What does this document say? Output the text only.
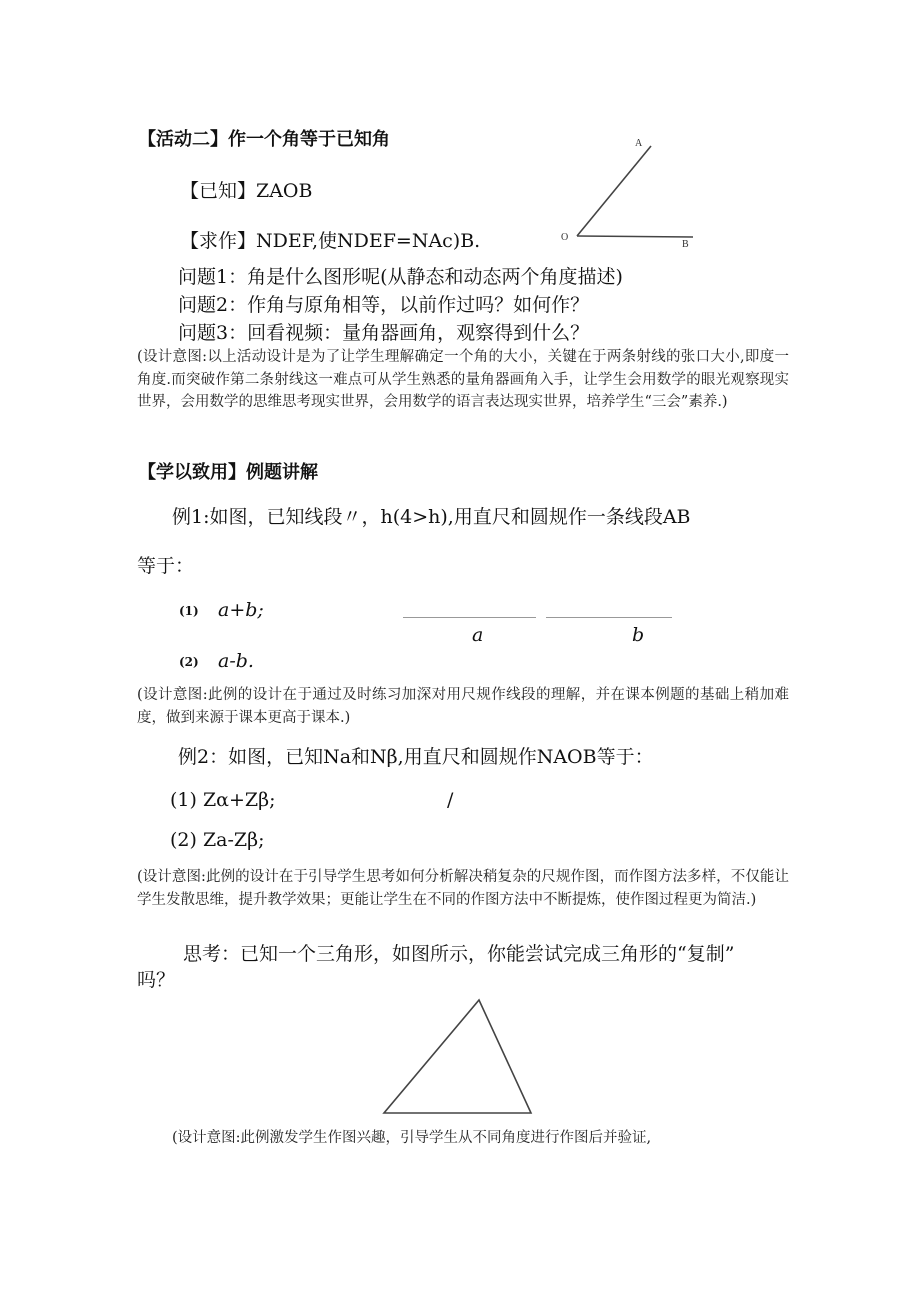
【活动二】作一个角等于已知角
【已知】ZAOB
【求作】NDEF,使NDEF=NAc)B.
A
O
B
问题1：角是什么图形呢(从静态和动态两个角度描述)
问题2：作角与原角相等，以前作过吗？如何作？
问题3：回看视频：量角器画角，观察得到什么？
(设计意图:以上活动设计是为了让学生理解确定一个角的大小，关键在于两条射线的张口大小,即度一角度.而突破作第二条射线这一难点可从学生熟悉的量角器画角入手，让学生会用数学的眼光观察现实世界，会用数学的思维思考现实世界，会用数学的语言表达现实世界，培养学生“三会”素养.)
【学以致用】例题讲解
例1:如图，已知线段〃，h(4>h),用直尺和圆规作一条线段AB
等于：
(1) a+b;
a	b
(2) a-b.
(设计意图:此例的设计在于通过及时练习加深对用尺规作线段的理解，并在课本例题的基础上稍加难度，做到来源于课本更高于课本.)
例2：如图，已知Na和Nβ,用直尺和圆规作NAOB等于：
(1) Zα+Zβ;	/
(2) Za-Zβ;
(设计意图:此例的设计在于引导学生思考如何分析解决稍复杂的尺规作图，而作图方法多样，不仅能让学生发散思维，提升教学效果；更能让学生在不同的作图方法中不断提炼，使作图过程更为简洁.)
思考：已知一个三角形，如图所示，你能尝试完成三角形的“复制”
吗？
(设计意图:此例激发学生作图兴趣，引导学生从不同角度进行作图后并验证,
